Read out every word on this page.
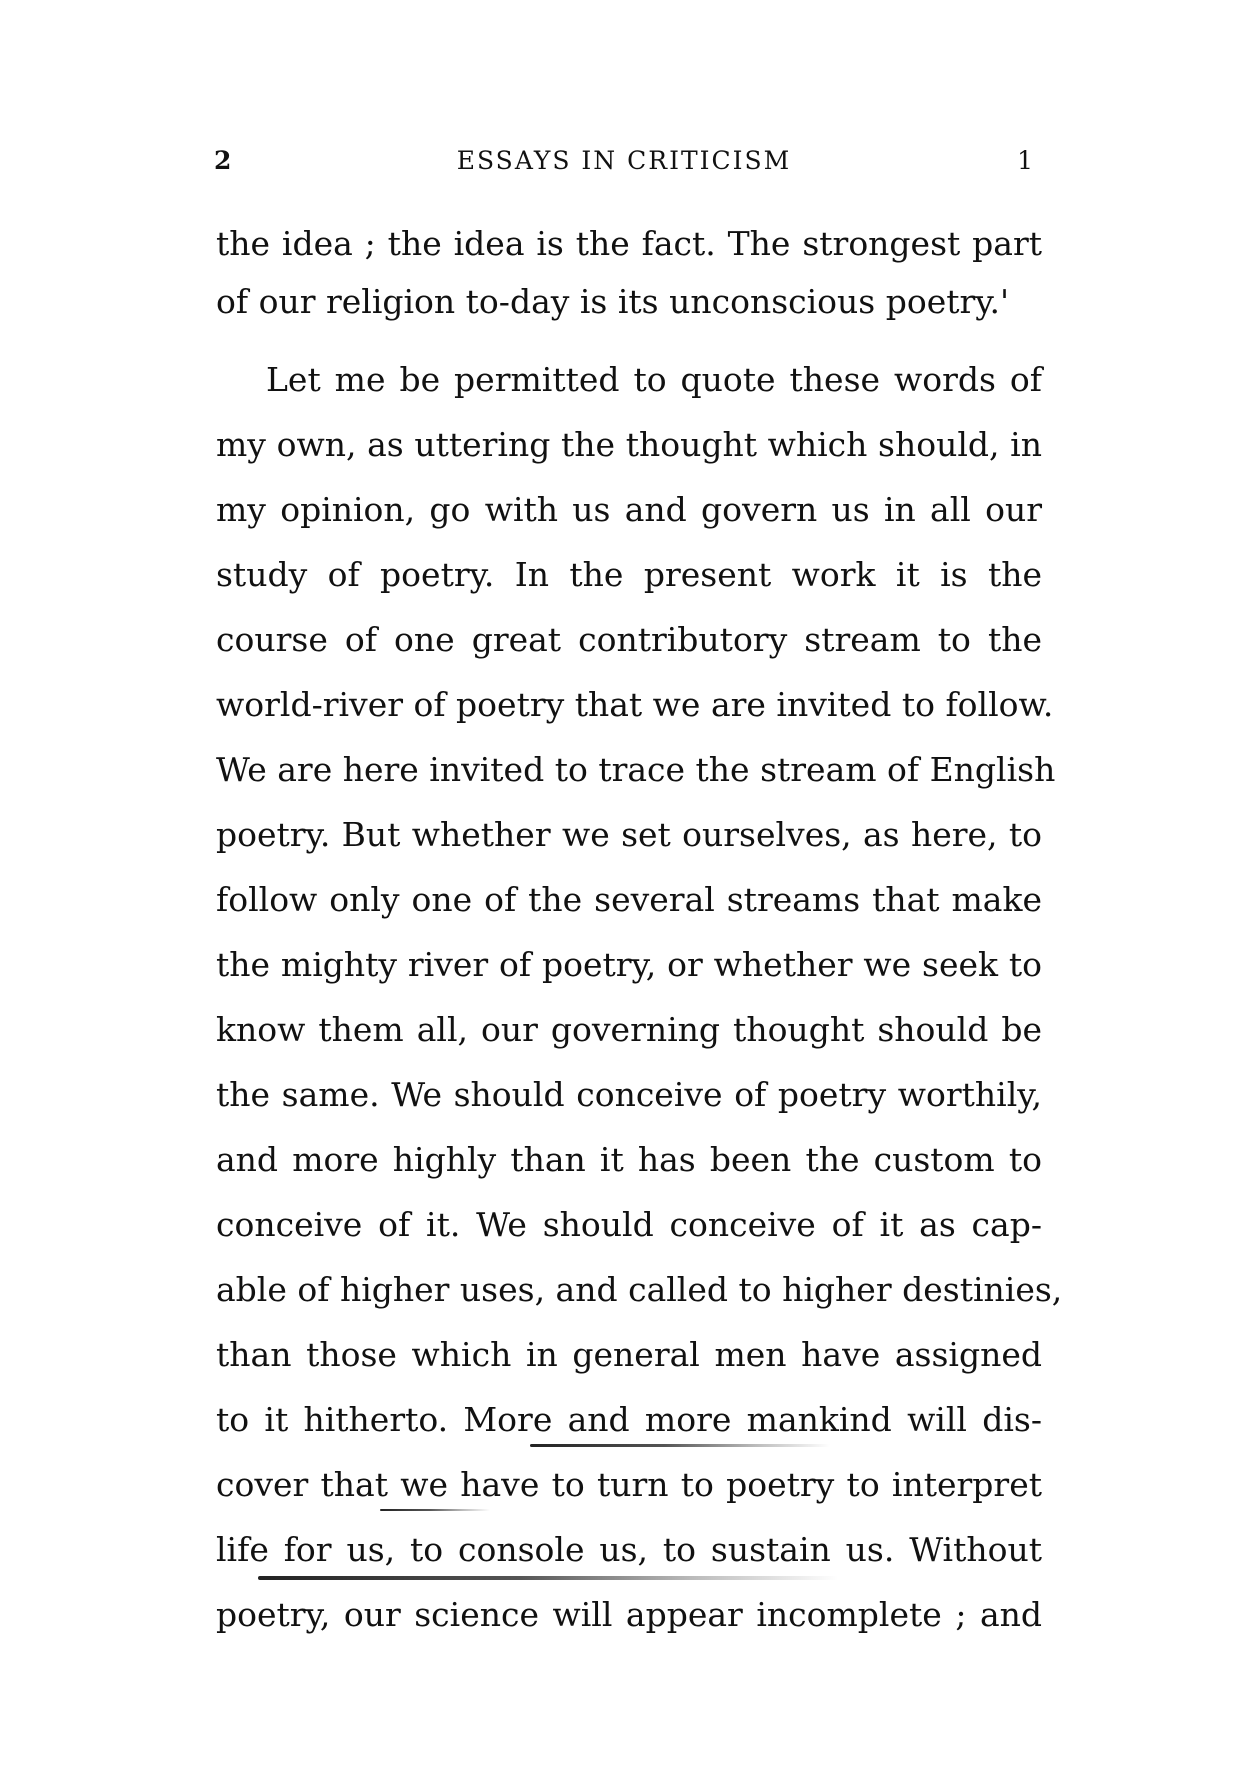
2	ESSAYS IN CRITICISM	1
the idea ; the idea is the fact. The strongest part
of our religion to-day is its unconscious poetry.'
Let me be permitted to quote these words of
my own, as uttering the thought which should, in
my opinion, go with us and govern us in all our
study of poetry. In the present work it is the
course of one great contributory stream to the
world-river of poetry that we are invited to follow.
We are here invited to trace the stream of English
poetry. But whether we set ourselves, as here, to
follow only one of the several streams that make
the mighty river of poetry, or whether we seek to
know them all, our governing thought should be
the same. We should conceive of poetry worthily,
and more highly than it has been the custom to
conceive of it. We should conceive of it as cap-
able of higher uses, and called to higher destinies,
than those which in general men have assigned
to it hitherto. More and more mankind will dis-
cover that we have to turn to poetry to interpret
life for us, to console us, to sustain us. Without
poetry, our science will appear incomplete ; and
